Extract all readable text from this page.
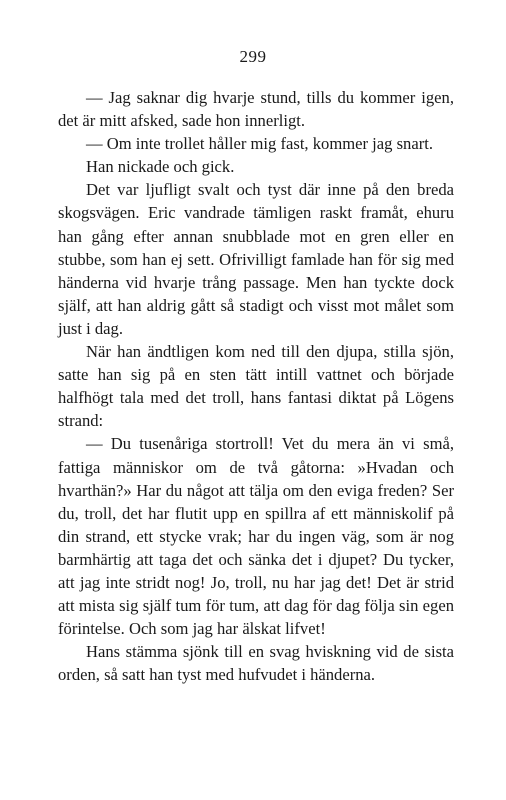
299

— Jag saknar dig hvarje stund, tills du kommer igen, det är mitt afsked, sade hon innerligt.

— Om inte trollet håller mig fast, kommer jag snart.

Han nickade och gick.

Det var ljufligt svalt och tyst där inne på den breda skogsvägen. Eric vandrade tämligen raskt framåt, ehuru han gång efter annan snubblade mot en gren eller en stubbe, som han ej sett. Ofrivilligt famlade han för sig med händerna vid hvarje trång passage. Men han tyckte dock själf, att han aldrig gått så stadigt och visst mot målet som just i dag.

När han ändtligen kom ned till den djupa, stilla sjön, satte han sig på en sten tätt intill vattnet och började halfhögt tala med det troll, hans fantasi diktat på Lögens strand:

— Du tusenåriga stortroll! Vet du mera än vi små, fattiga människor om de två gåtorna: »Hvadan och hvarthän?» Har du något att tälja om den eviga freden? Ser du, troll, det har flutit upp en spillra af ett människolif på din strand, ett stycke vrak; har du ingen väg, som är nog barmhärtig att taga det och sänka det i djupet? Du tycker, att jag inte stridt nog! Jo, troll, nu har jag det! Det är strid att mista sig själf tum för tum, att dag för dag följa sin egen förintelse. Och som jag har älskat lifvet!

Hans stämma sjönk till en svag hviskning vid de sista orden, så satt han tyst med hufvudet i händerna.
